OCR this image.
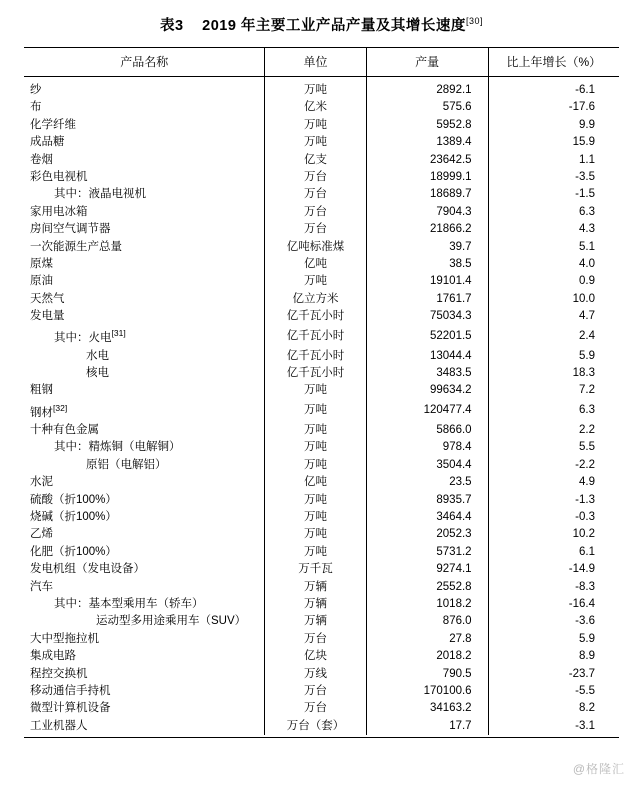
表3 2019 年主要工业产品产量及其增长速度[30]
产品名称	单位	产量	比上年增长（%）
纱	万吨	2892.1	-6.1
布	亿米	575.6	-17.6
化学纤维	万吨	5952.8	9.9
成品糖	万吨	1389.4	15.9
卷烟	亿支	23642.5	1.1
彩色电视机	万台	18999.1	-3.5
其中：液晶电视机	万台	18689.7	-1.5
家用电冰箱	万台	7904.3	6.3
房间空气调节器	万台	21866.2	4.3
一次能源生产总量	亿吨标准煤	39.7	5.1
原煤	亿吨	38.5	4.0
原油	万吨	19101.4	0.9
天然气	亿立方米	1761.7	10.0
发电量	亿千瓦小时	75034.3	4.7
其中：火电[31]	亿千瓦小时	52201.5	2.4
水电	亿千瓦小时	13044.4	5.9
核电	亿千瓦小时	3483.5	18.3
粗钢	万吨	99634.2	7.2
钢材[32]	万吨	120477.4	6.3
十种有色金属	万吨	5866.0	2.2
其中：精炼铜（电解铜）	万吨	978.4	5.5
原铝（电解铝）	万吨	3504.4	-2.2
水泥	亿吨	23.5	4.9
硫酸（折100%）	万吨	8935.7	-1.3
烧碱（折100%）	万吨	3464.4	-0.3
乙烯	万吨	2052.3	10.2
化肥（折100%）	万吨	5731.2	6.1
发电机组（发电设备）	万千瓦	9274.1	-14.9
汽车	万辆	2552.8	-8.3
其中：基本型乘用车（轿车）	万辆	1018.2	-16.4
运动型多用途乘用车（SUV）	万辆	876.0	-3.6
大中型拖拉机	万台	27.8	5.9
集成电路	亿块	2018.2	8.9
程控交换机	万线	790.5	-23.7
移动通信手持机	万台	170100.6	-5.5
微型计算机设备	万台	34163.2	8.2
工业机器人	万台（套）	17.7	-3.1
@格隆汇
